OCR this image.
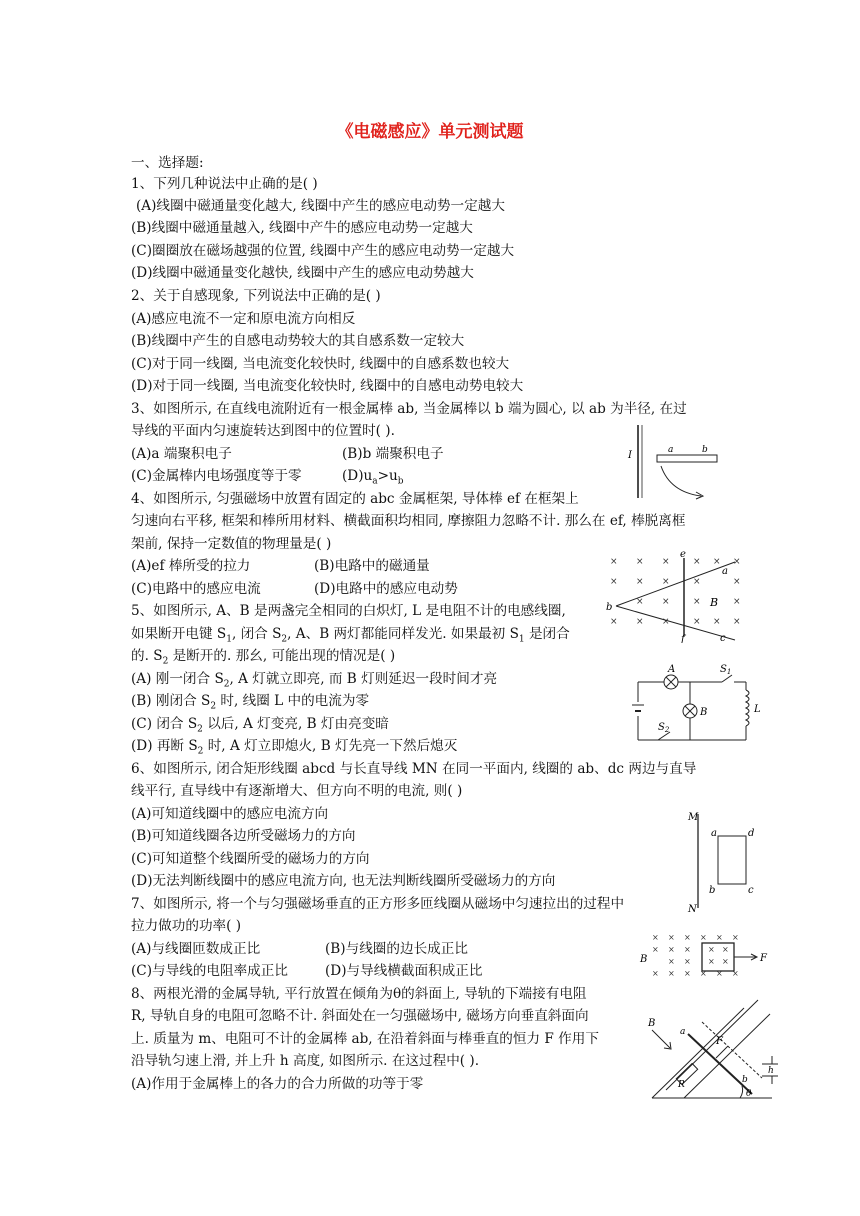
《电磁感应》单元测试题
一、选择题:
1、下列几种说法中止确的是( )
(A)线圈中磁通量变化越大, 线圈中产生的感应电动势一定越大
(B)线圈中磁通量越入, 线圈中产牛的感应电动势一定越大
(C)圈圈放在磁场越强的位置, 线圈中产生的感应电动势一定越大
(D)线圈中磁通量变化越快, 线圈中产生的感应电动势越大
2、关于自感现象, 下列说法中正确的是( )
(A)感应电流不一定和原电流方向相反
(B)线圈中产生的自感电动势较大的其自感系数一定较大
(C)对于同一线圈, 当电流变化较快时, 线圈中的自感系数也较大
(D)对于同一线圈, 当电流变化较快时, 线圈中的自感电动势电较大
3、如图所示, 在直线电流附近有一根金属棒 ab, 当金属棒以 b 端为圆心, 以 ab 为半径, 在过
导线的平面内匀速旋转达到图中的位置时( ).
(A)a 端聚积电子	(B)b 端聚积电子
(C)金属棒内电场强度等于零	$(D)u_a>u_b$
I	a	b
4、如图所示, 匀强磁场中放置有固定的 abc 金属框架, 导体棒 ef 在框架上
匀速向右平移, 框架和棒所用材料、横截面积均相同, 摩擦阻力忽略不计. 那么在 ef, 棒脱离框
架前, 保持一定数值的物理量是( )
(A)ef 棒所受的拉力	(B)电路中的磁通量
(C)电路中的感应电流	(D)电路中的感应电动势
× × ×	× × ×
× × ×	×	×
× ×	×	×
× × ×	× × ×
e
f
b
a
B
c
5、如图所示, A、B 是两盏完全相同的白炽灯, L 是电阻不计的电感线圈,
如果断开电键 $S_1$, 闭合 $S_2$, A、B 两灯都能同样发光. 如果最初 $S_1$ 是闭合
的. $S_2$ 是断开的. 那幺, 可能出现的情况是( )
(A) 刚一闭合 $S_2$, A 灯就立即亮, 而 B 灯则延迟一段时间才亮
(B) 刚闭合 $S_2$ 时, 线圈 L 中的电流为零
(C) 闭合 $S_2$ 以后, A 灯变亮, B 灯由亮变暗
(D) 再断 $S_2$ 时, A 灯立即熄火, B 灯先亮一下然后熄灭
A
B
$S_1$
$S_2$
L
6、如图所示, 闭合矩形线圈 abcd 与长直导线 MN 在同一平面内, 线圈的 ab、dc 两边与直导
线平行, 直导线中有逐渐增大、但方向不明的电流, 则( )
(A)可知道线圈中的感应电流方向
(B)可知道线圈各边所受磁场力的方向
(C)可知道整个线圈所受的磁场力的方向
(D)无法判断线圈中的感应电流方向, 也无法判断线圈所受磁场力的方向
M
N
a	d
b	c
7、如图所示, 将一个与匀强磁场垂直的正方形多匝线圈从磁场中匀速拉出的过程中
拉力做功的功率( )
(A)与线圈匝数成正比	(B)与线圈的边长成正比
(C)与导线的电阻率成正比	(D)与导线横截面积成正比
× × × × × ×
× × × × ×
× × × ×
× × × × × ×
B	F
8、两根光滑的金属导轨, 平行放置在倾角为θ的斜面上, 导轨的下端接有电阻
R, 导轨自身的电阻可忽略不计. 斜面处在一匀强磁场中, 磁场方向垂直斜面向
上. 质量为 m、电阻可不计的金属棒 ab, 在沿着斜面与棒垂直的恒力 F 作用下
沿导轨匀速上滑, 并上升 h 高度, 如图所示. 在这过程中( ).
(A)作用于金属棒上的各力的合力所做的功等于零
B
a
b
F
h
R
θ
